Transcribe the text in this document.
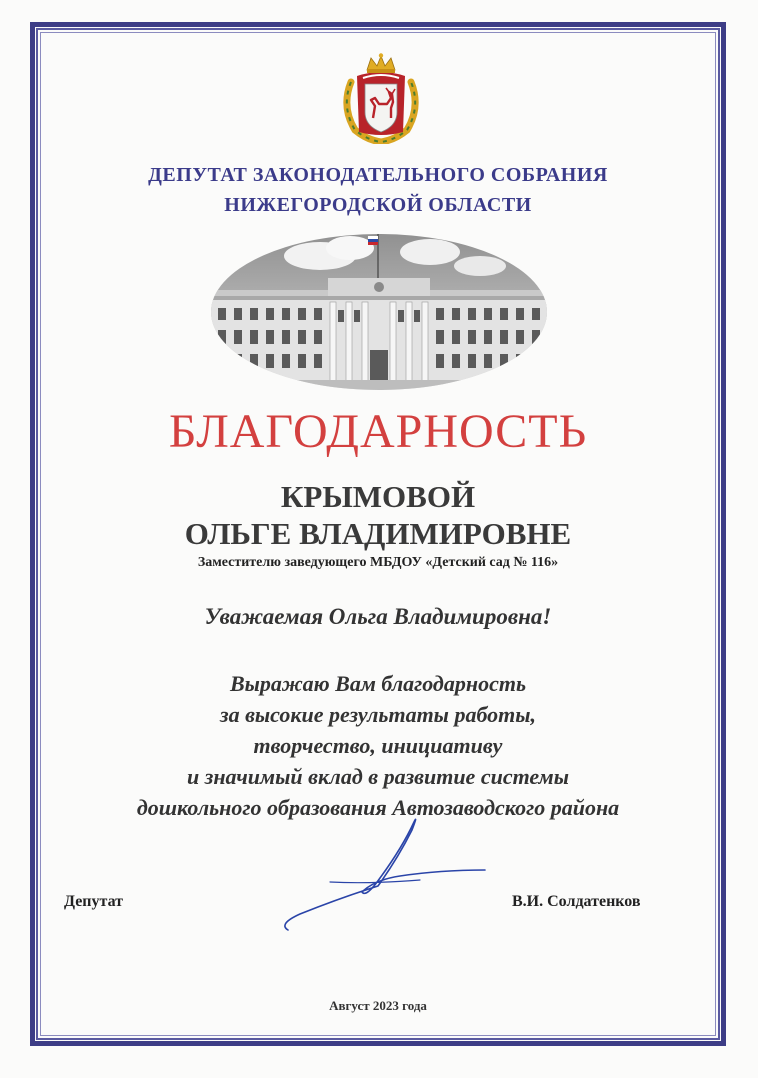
ДЕПУТАТ ЗАКОНОДАТЕЛЬНОГО СОБРАНИЯ
НИЖЕГОРОДСКОЙ ОБЛАСТИ
БЛАГОДАРНОСТЬ
КРЫМОВОЙ
ОЛЬГЕ ВЛАДИМИРОВНЕ
Заместителю заведующего МБДОУ «Детский сад № 116»
Уважаемая Ольга Владимировна!
Выражаю Вам благодарность
за высокие результаты работы,
творчество, инициативу
и значимый вклад в развитие системы
дошкольного образования Автозаводского района
Депутат	В.И. Солдатенков
Август 2023 года
